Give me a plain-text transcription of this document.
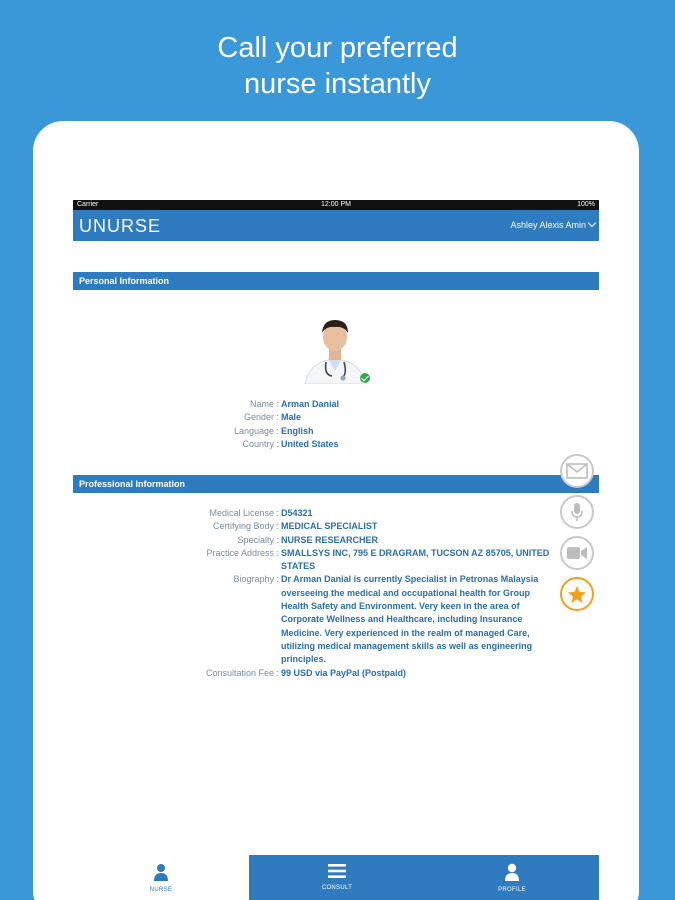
Call your preferred
nurse instantly
Carrier	12:00 PM	100%
UNURSE	Ashley Alexis Amin
Personal Information
Name : Arman Danial
Gender : Male
Language : English
Country : United States
Professional Information
Medical License : D54321
Certifying Body : MEDICAL SPECIALIST
Specialty : NURSE RESEARCHER
Practice Address : SMALLSYS INC, 795 E DRAGRAM, TUCSON AZ 85705, UNITED STATES
Biography : Dr Arman Danial is currently Specialist in Petronas Malaysia overseeing the medical and occupational health for Group Health Safety and Environment. Very keen in the area of Corporate Wellness and Healthcare, including Insurance Medicine. Very experienced in the realm of managed Care, utilizing medical management skills as well as engineering principles.
Consultation Fee : 99 USD via PayPal (Postpaid)
NURSE	CONSULT	PROFILE
